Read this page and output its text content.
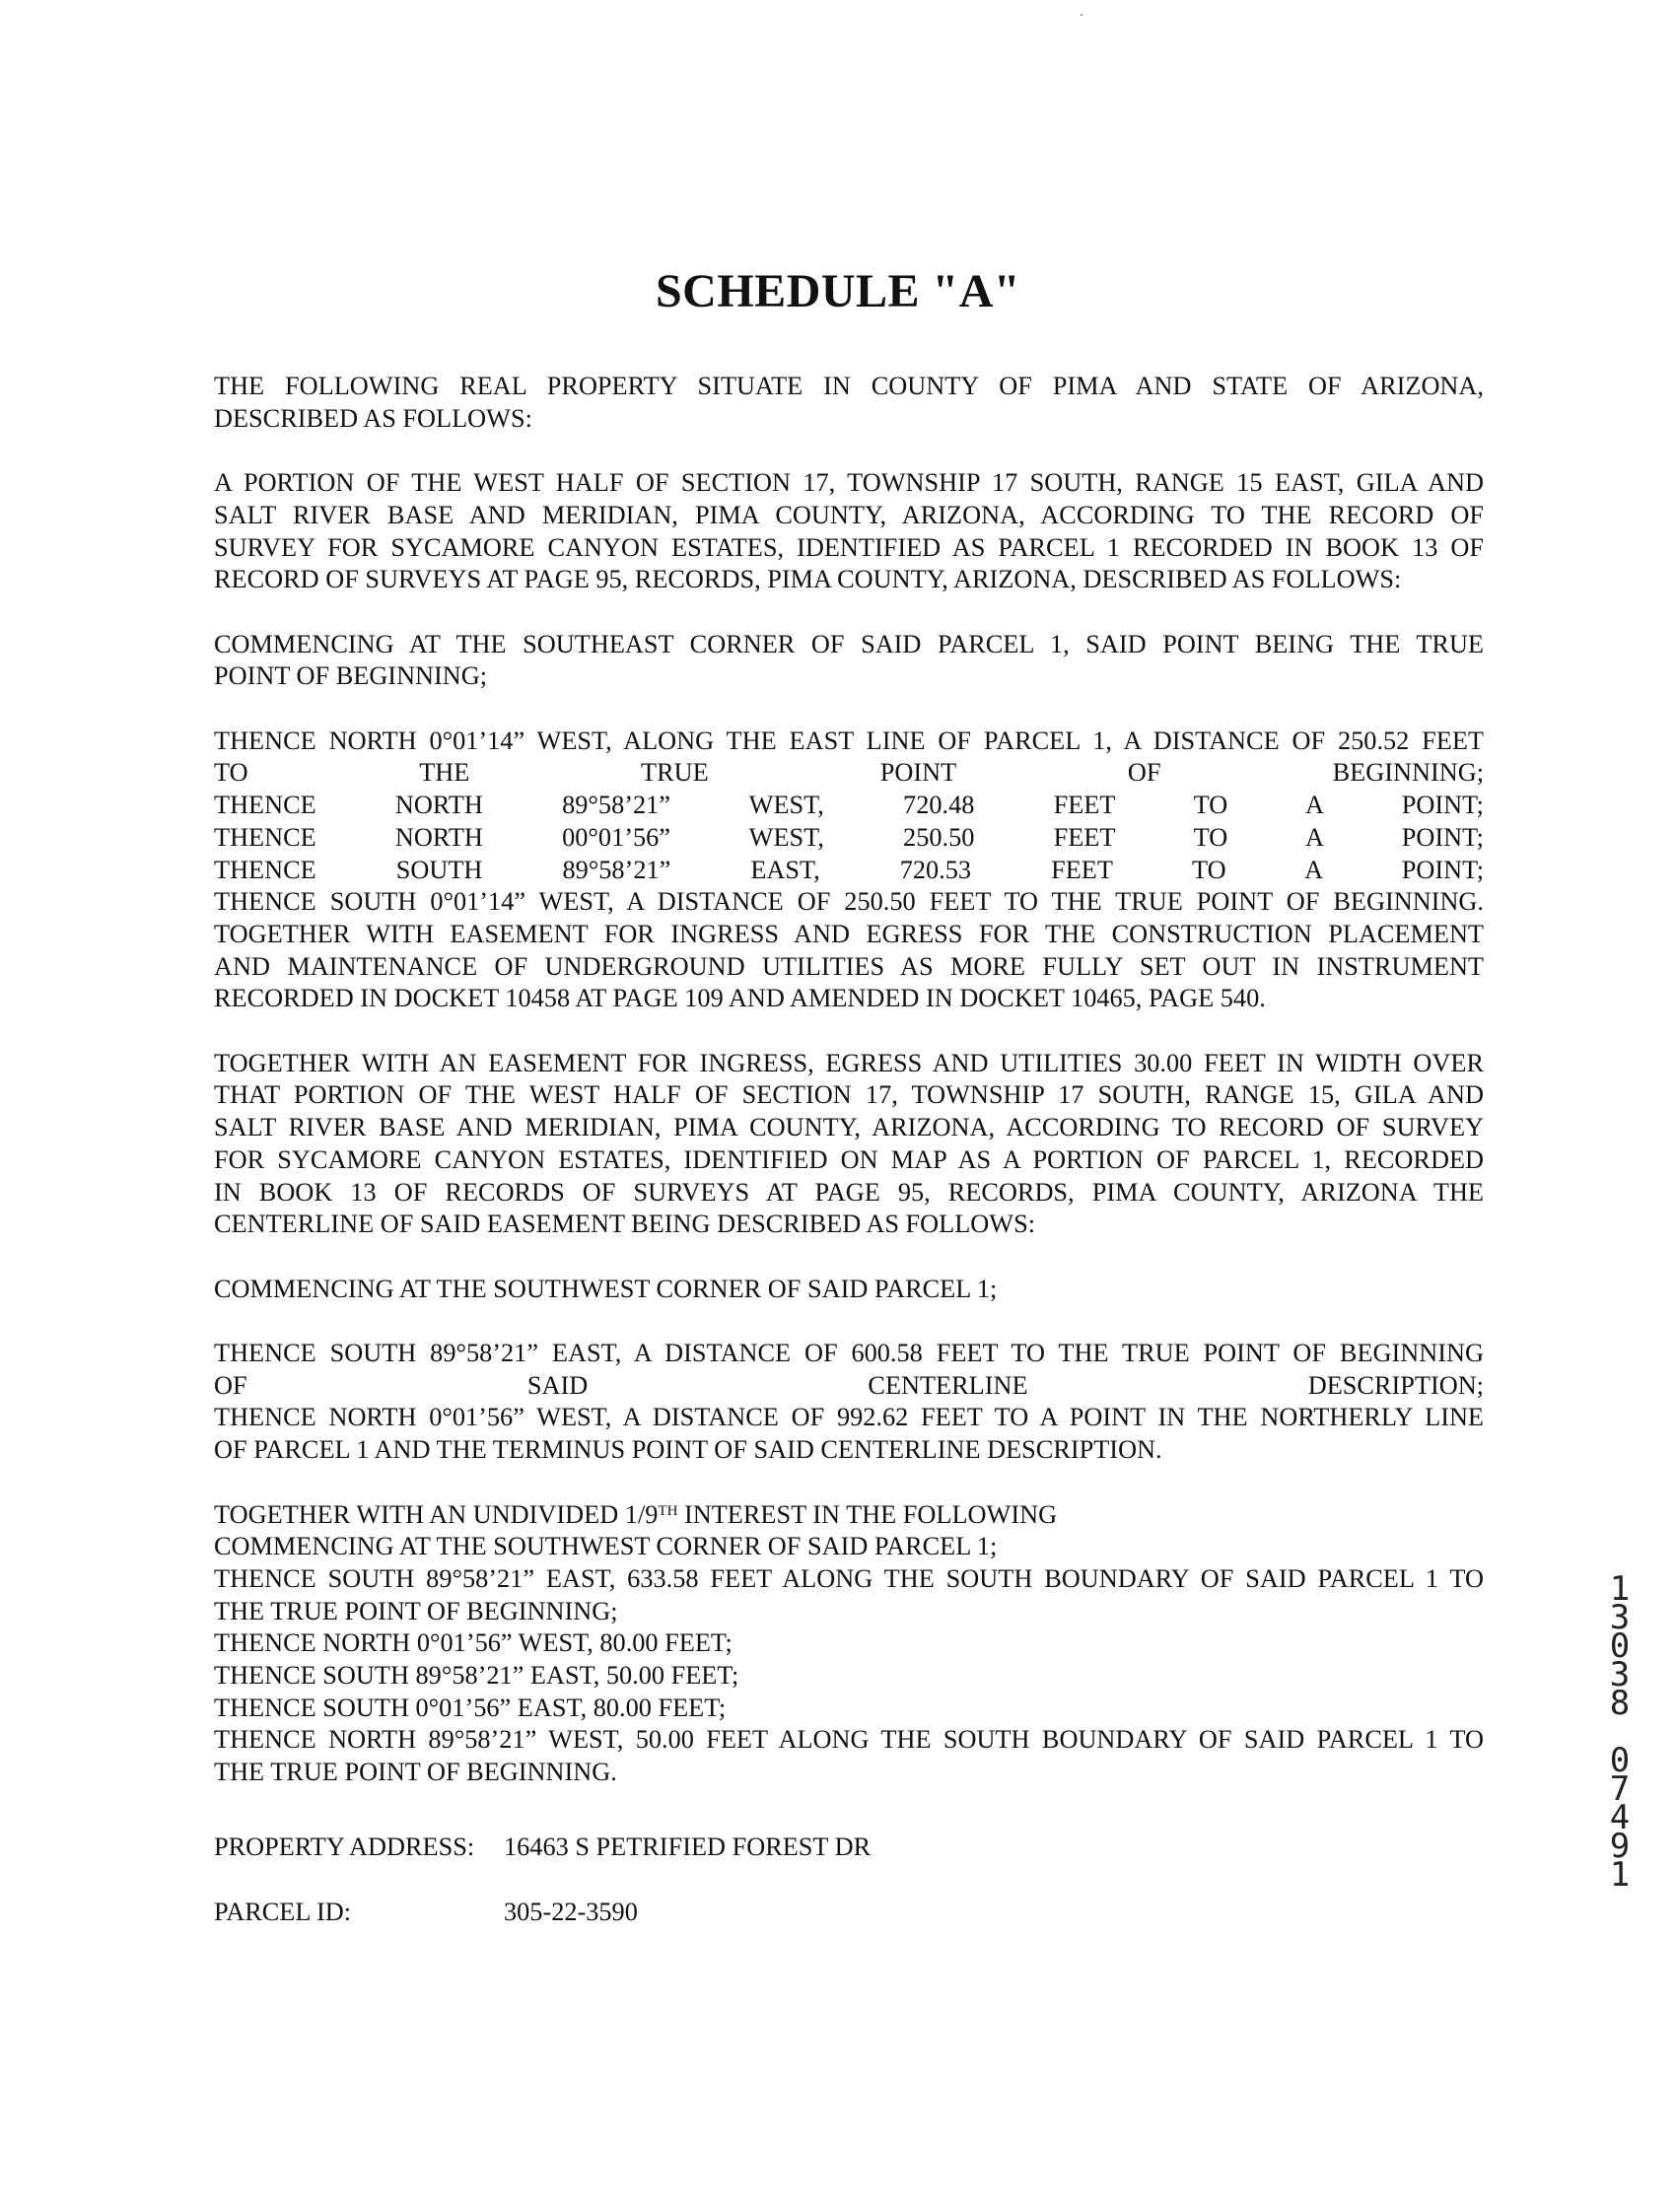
SCHEDULE "A"
THE FOLLOWING REAL PROPERTY SITUATE IN COUNTY OF PIMA AND STATE OF ARIZONA,
DESCRIBED AS FOLLOWS:
A PORTION OF THE WEST HALF OF SECTION 17, TOWNSHIP 17 SOUTH, RANGE 15 EAST, GILA AND
SALT RIVER BASE AND MERIDIAN, PIMA COUNTY, ARIZONA, ACCORDING TO THE RECORD OF
SURVEY FOR SYCAMORE CANYON ESTATES, IDENTIFIED AS PARCEL 1 RECORDED IN BOOK 13 OF
RECORD OF SURVEYS AT PAGE 95, RECORDS, PIMA COUNTY, ARIZONA, DESCRIBED AS FOLLOWS:
COMMENCING AT THE SOUTHEAST CORNER OF SAID PARCEL 1, SAID POINT BEING THE TRUE
POINT OF BEGINNING;
THENCE NORTH 0°01’14” WEST, ALONG THE EAST LINE OF PARCEL 1, A DISTANCE OF 250.52 FEET
TO THE TRUE POINT OF BEGINNING;
THENCE NORTH 89°58’21” WEST, 720.48 FEET TO A POINT;
THENCE NORTH 00°01’56” WEST, 250.50 FEET TO A POINT;
THENCE SOUTH 89°58’21” EAST, 720.53 FEET TO A POINT;
THENCE SOUTH 0°01’14” WEST, A DISTANCE OF 250.50 FEET TO THE TRUE POINT OF BEGINNING.
TOGETHER WITH EASEMENT FOR INGRESS AND EGRESS FOR THE CONSTRUCTION PLACEMENT
AND MAINTENANCE OF UNDERGROUND UTILITIES AS MORE FULLY SET OUT IN INSTRUMENT
RECORDED IN DOCKET 10458 AT PAGE 109 AND AMENDED IN DOCKET 10465, PAGE 540.
TOGETHER WITH AN EASEMENT FOR INGRESS, EGRESS AND UTILITIES 30.00 FEET IN WIDTH OVER
THAT PORTION OF THE WEST HALF OF SECTION 17, TOWNSHIP 17 SOUTH, RANGE 15, GILA AND
SALT RIVER BASE AND MERIDIAN, PIMA COUNTY, ARIZONA, ACCORDING TO RECORD OF SURVEY
FOR SYCAMORE CANYON ESTATES, IDENTIFIED ON MAP AS A PORTION OF PARCEL 1, RECORDED
IN BOOK 13 OF RECORDS OF SURVEYS AT PAGE 95, RECORDS, PIMA COUNTY, ARIZONA THE
CENTERLINE OF SAID EASEMENT BEING DESCRIBED AS FOLLOWS:
COMMENCING AT THE SOUTHWEST CORNER OF SAID PARCEL 1;
THENCE SOUTH 89°58’21” EAST, A DISTANCE OF 600.58 FEET TO THE TRUE POINT OF BEGINNING
OF SAID CENTERLINE DESCRIPTION;
THENCE NORTH 0°01’56” WEST, A DISTANCE OF 992.62 FEET TO A POINT IN THE NORTHERLY LINE
OF PARCEL 1 AND THE TERMINUS POINT OF SAID CENTERLINE DESCRIPTION.
TOGETHER WITH AN UNDIVIDED 1/9TH INTEREST IN THE FOLLOWING
COMMENCING AT THE SOUTHWEST CORNER OF SAID PARCEL 1;
THENCE SOUTH 89°58’21” EAST, 633.58 FEET ALONG THE SOUTH BOUNDARY OF SAID PARCEL 1 TO
THE TRUE POINT OF BEGINNING;
THENCE NORTH 0°01’56” WEST, 80.00 FEET;
THENCE SOUTH 89°58’21” EAST, 50.00 FEET;
THENCE SOUTH 0°01’56” EAST, 80.00 FEET;
THENCE NORTH 89°58’21” WEST, 50.00 FEET ALONG THE SOUTH BOUNDARY OF SAID PARCEL 1 TO
THE TRUE POINT OF BEGINNING.
PROPERTY ADDRESS: 16463 S PETRIFIED FOREST DR
PARCEL ID:	305-22-3590
1
3
0
3
8

0
7
4
9
1
